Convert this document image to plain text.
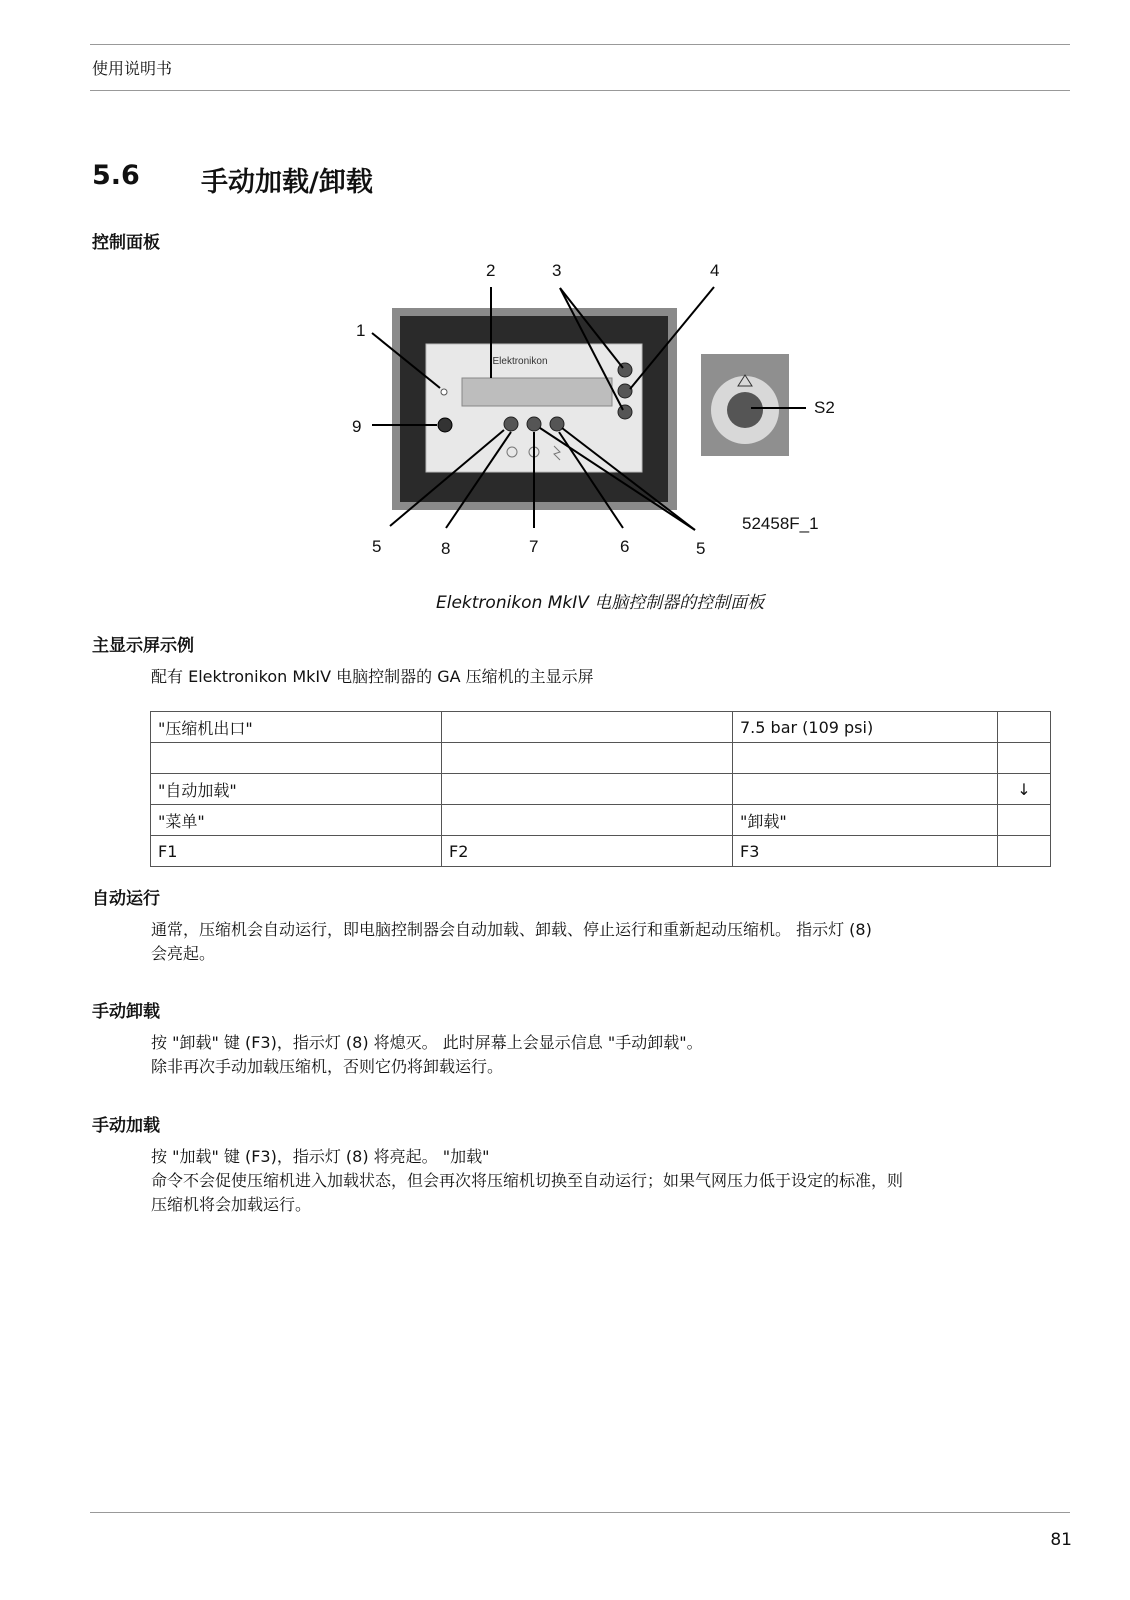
使用说明书
5.6 手动加载/卸载
控制面板
Elektronikon
2	3	4
1
9
5	8	7	6	5
S2
52458F_1
Elektronikon MkIV 电脑控制器的控制面板
主显示屏示例
配有 Elektronikon MkIV 电脑控制器的 GA 压缩机的主显示屏
"压缩机出口"		7.5 bar (109 psi)	

"自动加载"			↓
"菜单"		"卸载"	
F1	F2	F3	
自动运行
通常，压缩机会自动运行，即电脑控制器会自动加载、卸载、停止运行和重新起动压缩机。 指示灯 (8)
会亮起。
手动卸载
按 "卸载" 键 (F3)，指示灯 (8) 将熄灭。 此时屏幕上会显示信息 "手动卸载"。
除非再次手动加载压缩机，否则它仍将卸载运行。
手动加载
按 "加载" 键 (F3)，指示灯 (8) 将亮起。 "加载"
命令不会促使压缩机进入加载状态，但会再次将压缩机切换至自动运行；如果气网压力低于设定的标准，则
压缩机将会加载运行。
81
